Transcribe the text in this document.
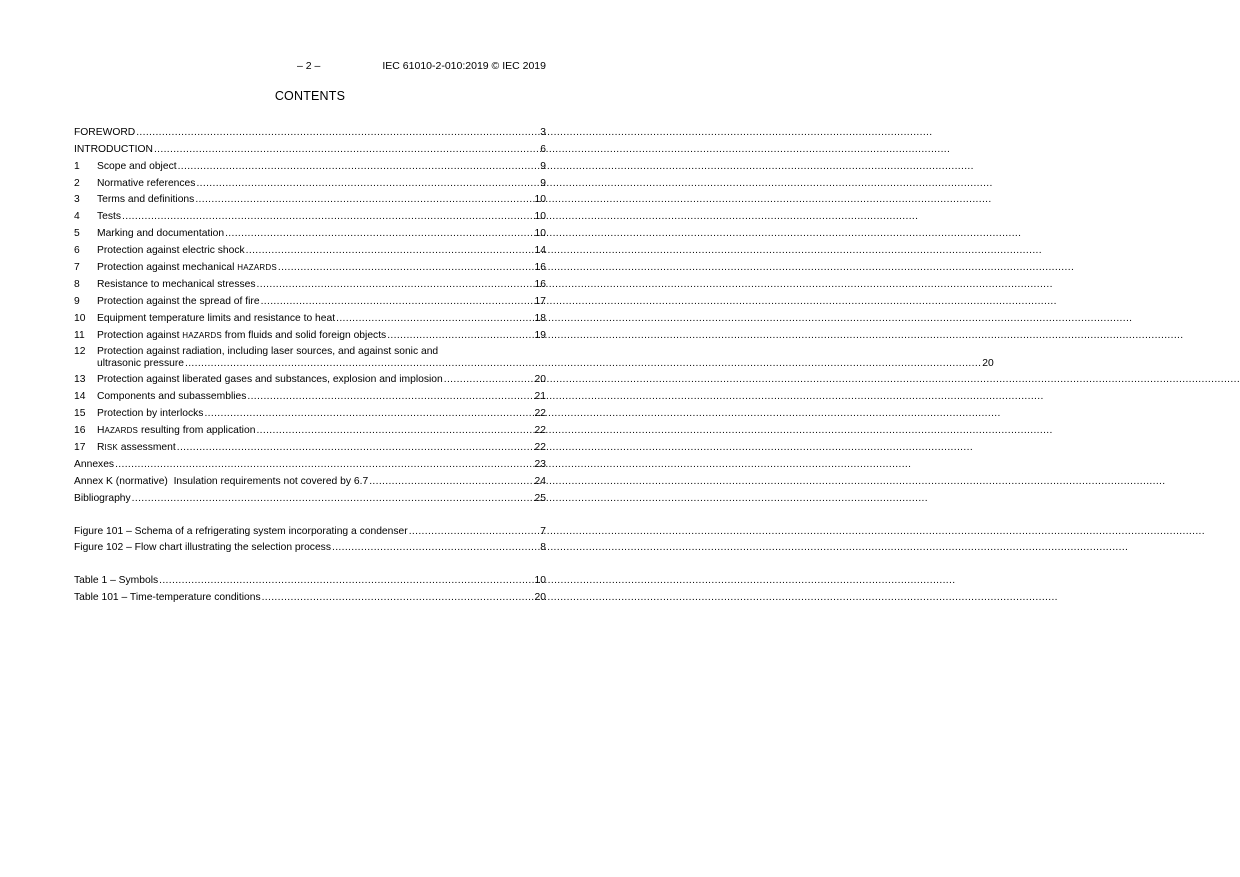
– 2 –	IEC 61010-2-010:2019 © IEC 2019
CONTENTS
FOREWORD .....	3
INTRODUCTION .....	6
1	Scope and object .....	9
2	Normative references .....	9
3	Terms and definitions .....	10
4	Tests .....	10
5	Marking and documentation .....	10
6	Protection against electric shock .....	14
7	Protection against mechanical HAZARDS .....	16
8	Resistance to mechanical stresses .....	16
9	Protection against the spread of fire .....	17
10	Equipment temperature limits and resistance to heat .....	18
11	Protection against HAZARDS from fluids and solid foreign objects .....	19
12	Protection against radiation, including laser sources, and against sonic and
ultrasonic pressure .....	20
13	Protection against liberated gases and substances, explosion and implosion .....	20
14	Components and subassemblies .....	21
15	Protection by interlocks .....	22
16	HAZARDS resulting from application .....	22
17	RISK assessment .....	22
Annexes .....	23
Annex K (normative)  Insulation requirements not covered by 6.7 .....	24
Bibliography .....	25
Figure 101 – Schema of a refrigerating system incorporating a condenser .....	7
Figure 102 – Flow chart illustrating the selection process .....	8
Table 1 – Symbols .....	10
Table 101 – Time-temperature conditions .....	20
